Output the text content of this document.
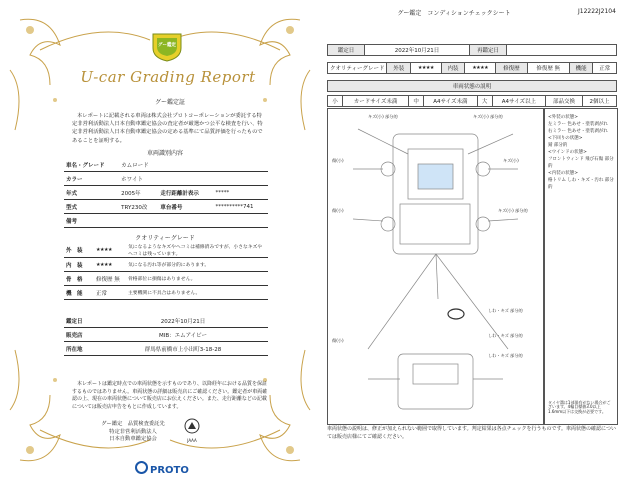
グー鑑定
U-car Grading Report
グー鑑定証
本レポートに記載される車両は株式会社プロトコーポレーションが委託する特定非営利活動法人日本自動車鑑定協会の査定者が厳選かつ公平な検査を行い、特定非営利活動法人日本自動車鑑定協会の定める基準にて品質評価を行ったものであることを証明する。
車両識別内容
車名・グレード	カムロード		
カラー	ホワイト		
年式	2005年	走行距離計表示	*****
型式	TRY230改	車台番号	**********741
備考			
クオリティーグレード
外　装	★★★★	気になるようなキズやヘコミは補修済みですが、小さなキズやヘコミは残っています。
内　装	★★★★	気になる汚れ等が部分的にあります。
骨　格	修復歴 無	骨格部位に損傷はありません。
機　能	正常	主要機関に不具合はありません。
鑑定日	2022年10月21日
販売店	MIB：エムアイビー
所在地	群馬県前橋市上小出町3-18-28
本レポートは鑑定時点での車両状態を示すものであり、以降経年における品質を保証するものではありません。車両状態の詳細は販売店にご確認ください。鑑定者が車両確認の上、現在の車両状態について販売店にお伝えください。また、走行距離などの記載については販売店申告をもとに作成しています。
グー鑑定　品質検査委託先
特定非営利活動法人
日本自動車鑑定協会	JAAA
PROTO
グー鑑定　コンディションチェックシート	J12222J2104
鑑定日	2022年10月21日	再鑑定日	
クオリティーグレード	外装	★★★★	内装	★★★★	修復歴	修復歴 無	機能	正常
車両状態の説明
小	カードサイズ未満	中	A4サイズ未満	大	A4サイズ以上	部品交換	2個以上
キズ(小) 部分的	キズ(小) 部分的
傷(小)	キズ(小)
傷(小)
しわ・キズ 部分的
しわ・キズ 部分的
しわ・キズ 部分的
傷(小)
キズ(小) 部分的
<外装の状態>
左ミラー 色あせ・塗装剥がれ
右ミラー 色あせ・塗装剥がれ
<下回りの状態>
錆 部分的
<ウインドの状態>
フロントウィンド 飛び石傷 部分的
<内装の状態>
格トリム しわ・キズ・汚れ 部分的
タイヤ溝は1部保有がない場合がございます。4輪目標値3.0以上1.6mm以下は交換が必要です。
車両状態の説明は、修正が加えられない範囲で取得しています。判定結果は各点チェックを行うものです。車両状態の確認については販売店様にてご確認ください。
